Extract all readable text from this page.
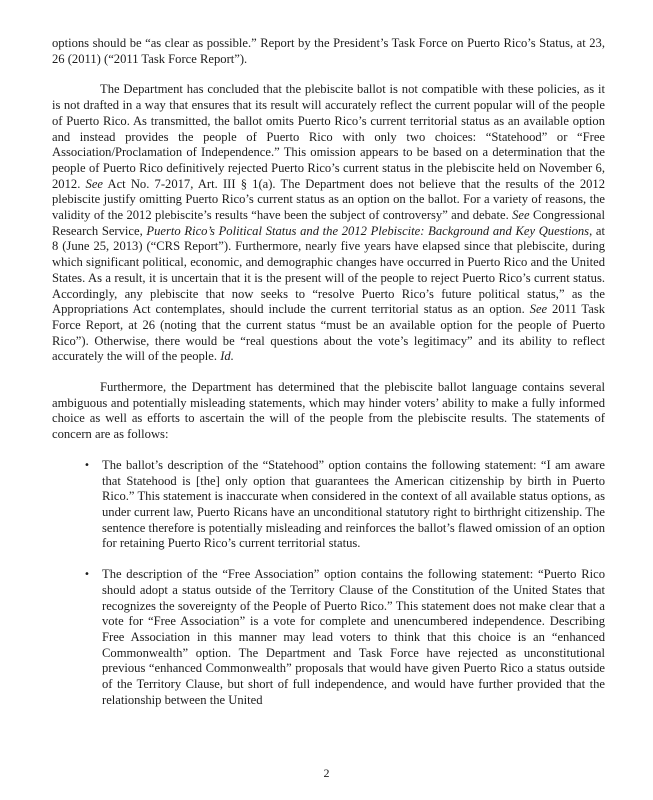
options should be “as clear as possible.” Report by the President’s Task Force on Puerto Rico’s Status, at 23, 26 (2011) (“2011 Task Force Report”).

The Department has concluded that the plebiscite ballot is not compatible with these policies, as it is not drafted in a way that ensures that its result will accurately reflect the current popular will of the people of Puerto Rico. As transmitted, the ballot omits Puerto Rico’s current territorial status as an available option and instead provides the people of Puerto Rico with only two choices: “Statehood” or “Free Association/Proclamation of Independence.” This omission appears to be based on a determination that the people of Puerto Rico definitively rejected Puerto Rico’s current status in the plebiscite held on November 6, 2012. See Act No. 7-2017, Art. III § 1(a). The Department does not believe that the results of the 2012 plebiscite justify omitting Puerto Rico’s current status as an option on the ballot. For a variety of reasons, the validity of the 2012 plebiscite’s results “have been the subject of controversy” and debate. See Congressional Research Service, Puerto Rico’s Political Status and the 2012 Plebiscite: Background and Key Questions, at 8 (June 25, 2013) (“CRS Report”). Furthermore, nearly five years have elapsed since that plebiscite, during which significant political, economic, and demographic changes have occurred in Puerto Rico and the United States. As a result, it is uncertain that it is the present will of the people to reject Puerto Rico’s current status. Accordingly, any plebiscite that now seeks to “resolve Puerto Rico’s future political status,” as the Appropriations Act contemplates, should include the current territorial status as an option. See 2011 Task Force Report, at 26 (noting that the current status “must be an available option for the people of Puerto Rico”). Otherwise, there would be “real questions about the vote’s legitimacy” and its ability to reflect accurately the will of the people. Id.

Furthermore, the Department has determined that the plebiscite ballot language contains several ambiguous and potentially misleading statements, which may hinder voters’ ability to make a fully informed choice as well as efforts to ascertain the will of the people from the plebiscite results. The statements of concern are as follows:

• The ballot’s description of the “Statehood” option contains the following statement: “I am aware that Statehood is [the] only option that guarantees the American citizenship by birth in Puerto Rico.” This statement is inaccurate when considered in the context of all available status options, as under current law, Puerto Ricans have an unconditional statutory right to birthright citizenship. The sentence therefore is potentially misleading and reinforces the ballot’s flawed omission of an option for retaining Puerto Rico’s current territorial status.
• The description of the “Free Association” option contains the following statement: “Puerto Rico should adopt a status outside of the Territory Clause of the Constitution of the United States that recognizes the sovereignty of the People of Puerto Rico.” This statement does not make clear that a vote for “Free Association” is a vote for complete and unencumbered independence. Describing Free Association in this manner may lead voters to think that this choice is an “enhanced Commonwealth” option. The Department and Task Force have rejected as unconstitutional previous “enhanced Commonwealth” proposals that would have given Puerto Rico a status outside of the Territory Clause, but short of full independence, and would have further provided that the relationship between the United
2
